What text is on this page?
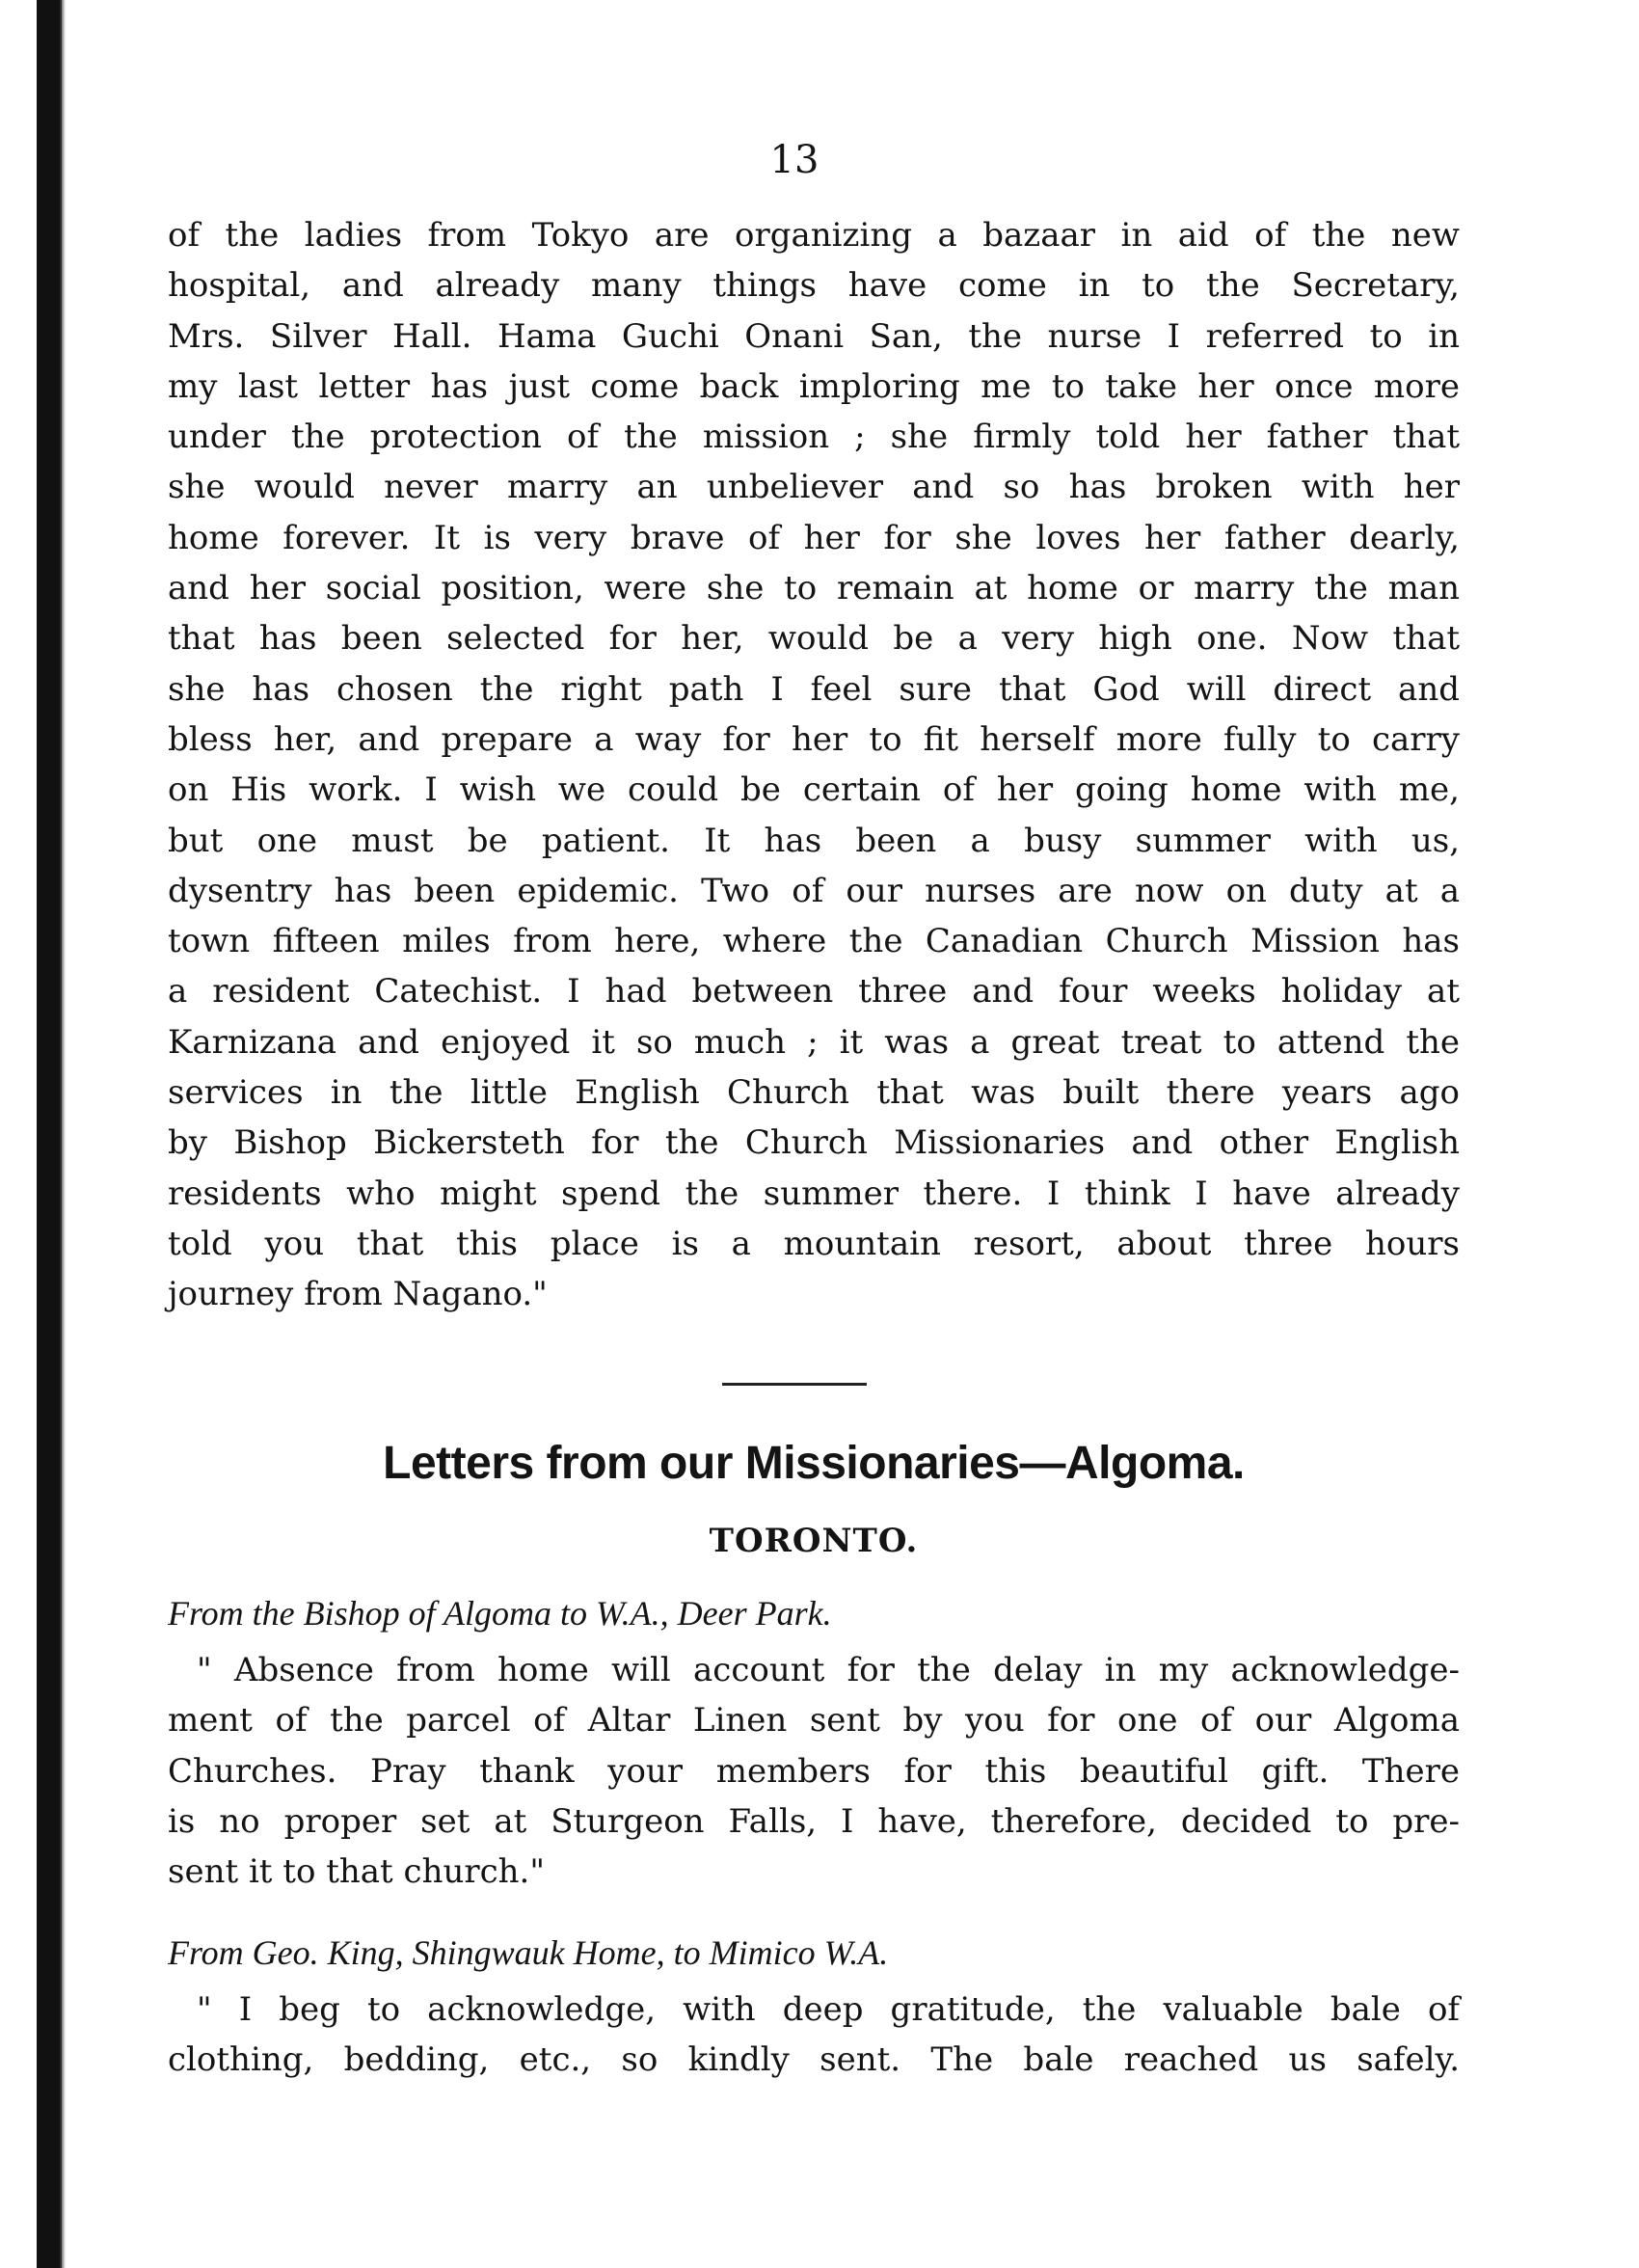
13

of the ladies from Tokyo are organizing a bazaar in aid of the new
hospital, and already many things have come in to the Secretary,
Mrs. Silver Hall. Hama Guchi Onani San, the nurse I referred to in
my last letter has just come back imploring me to take her once more
under the protection of the mission ; she firmly told her father that
she would never marry an unbeliever and so has broken with her
home forever. It is very brave of her for she loves her father dearly,
and her social position, were she to remain at home or marry the man
that has been selected for her, would be a very high one. Now that
she has chosen the right path I feel sure that God will direct and
bless her, and prepare a way for her to fit herself more fully to carry
on His work. I wish we could be certain of her going home with me,
but one must be patient. It has been a busy summer with us,
dysentry has been epidemic. Two of our nurses are now on duty at a
town fifteen miles from here, where the Canadian Church Mission has
a resident Catechist. I had between three and four weeks holiday at
Karnizana and enjoyed it so much ; it was a great treat to attend the
services in the little English Church that was built there years ago
by Bishop Bickersteth for the Church Missionaries and other English
residents who might spend the summer there. I think I have already
told you that this place is a mountain resort, about three hours
journey from Nagano."

Letters from our Missionaries—Algoma.
TORONTO.
From the Bishop of Algoma to W.A., Deer Park.

" Absence from home will account for the delay in my acknowledge-
ment of the parcel of Altar Linen sent by you for one of our Algoma
Churches. Pray thank your members for this beautiful gift. There
is no proper set at Sturgeon Falls, I have, therefore, decided to pre-
sent it to that church."

From Geo. King, Shingwauk Home, to Mimico W.A.

" I beg to acknowledge, with deep gratitude, the valuable bale of
clothing, bedding, etc., so kindly sent. The bale reached us safely.
